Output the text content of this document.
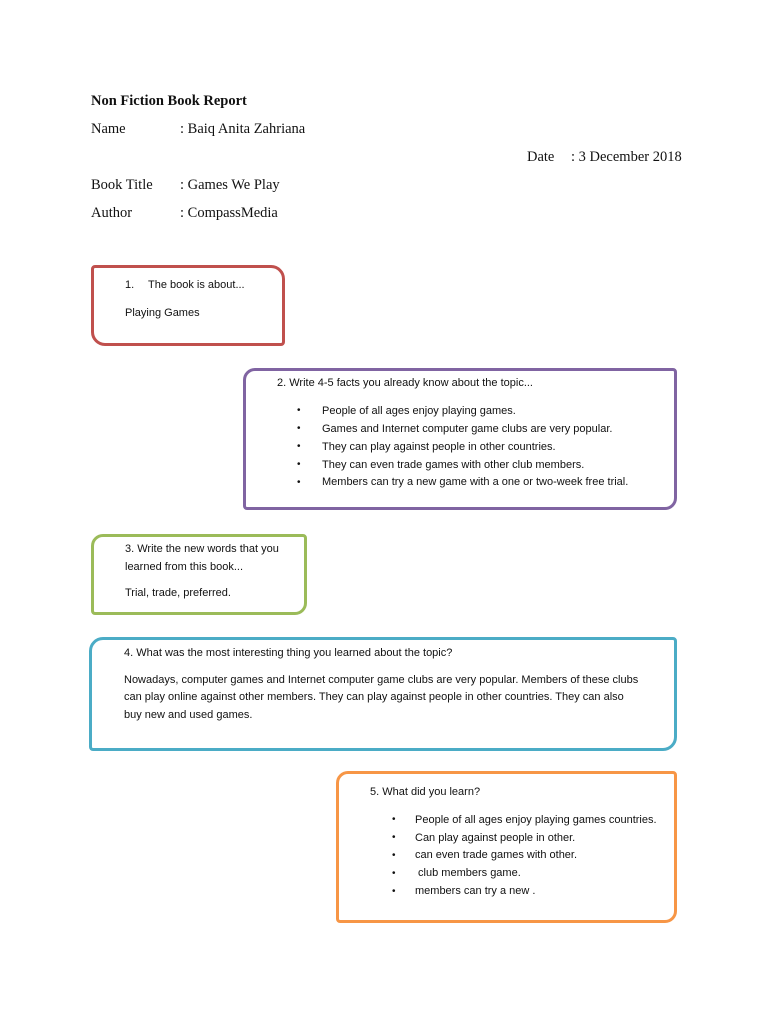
Non Fiction Book Report
Name	: Baiq Anita Zahriana
Date : 3 December 2018
Book Title : Games We Play
Author	: CompassMedia
1. The book is about...
Playing Games
2. Write 4-5 facts you already know about the topic...
• People of all ages enjoy playing games.
• Games and Internet computer game clubs are very popular.
• They can play against people in other countries.
• They can even trade games with other club members.
• Members can try a new game with a one or two-week free trial.
3. Write the new words that you
learned from this book...
Trial, trade, preferred.
4. What was the most interesting thing you learned about the topic?
Nowadays, computer games and Internet computer game clubs are very popular. Members of these clubs
can play online against other members. They can play against people in other countries. They can also
buy new and used games.
5. What did you learn?
• People of all ages enjoy playing games countries.
• Can play against people in other.
• can even trade games with other.
• club members game.
• members can try a new .
